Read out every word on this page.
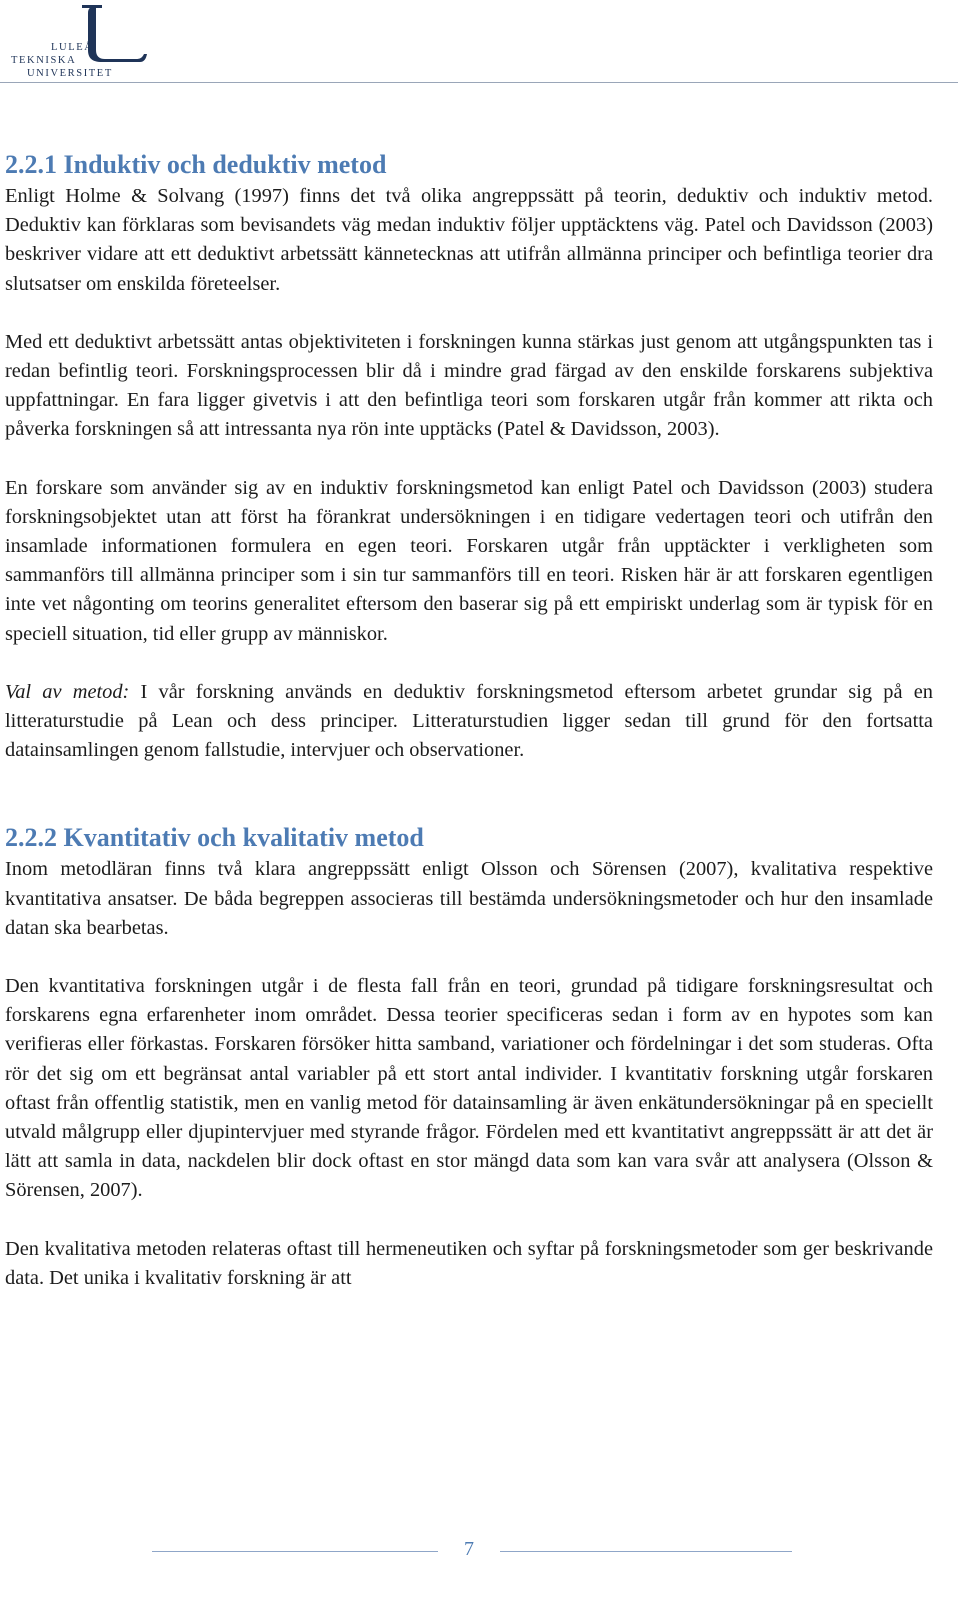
LULEÅ
TEKNISKA
UNIVERSITET
2.2.1 Induktiv och deduktiv metod

Enligt Holme & Solvang (1997) finns det två olika angreppssätt på teorin, deduktiv och induktiv metod. Deduktiv kan förklaras som bevisandets väg medan induktiv följer upptäcktens väg. Patel och Davidsson (2003) beskriver vidare att ett deduktivt arbetssätt kännetecknas att utifrån allmänna principer och befintliga teorier dra slutsatser om enskilda företeelser.

Med ett deduktivt arbetssätt antas objektiviteten i forskningen kunna stärkas just genom att utgångspunkten tas i redan befintlig teori. Forskningsprocessen blir då i mindre grad färgad av den enskilde forskarens subjektiva uppfattningar. En fara ligger givetvis i att den befintliga teori som forskaren utgår från kommer att rikta och påverka forskningen så att intressanta nya rön inte upptäcks (Patel & Davidsson, 2003).

En forskare som använder sig av en induktiv forskningsmetod kan enligt Patel och Davidsson (2003) studera forskningsobjektet utan att först ha förankrat undersökningen i en tidigare vedertagen teori och utifrån den insamlade informationen formulera en egen teori. Forskaren utgår från upptäckter i verkligheten som sammanförs till allmänna principer som i sin tur sammanförs till en teori. Risken här är att forskaren egentligen inte vet någonting om teorins generalitet eftersom den baserar sig på ett empiriskt underlag som är typisk för en speciell situation, tid eller grupp av människor.

Val av metod: I vår forskning används en deduktiv forskningsmetod eftersom arbetet grundar sig på en litteraturstudie på Lean och dess principer. Litteraturstudien ligger sedan till grund för den fortsatta datainsamlingen genom fallstudie, intervjuer och observationer.

2.2.2 Kvantitativ och kvalitativ metod

Inom metodläran finns två klara angreppssätt enligt Olsson och Sörensen (2007), kvalitativa respektive kvantitativa ansatser. De båda begreppen associeras till bestämda undersökningsmetoder och hur den insamlade datan ska bearbetas.

Den kvantitativa forskningen utgår i de flesta fall från en teori, grundad på tidigare forskningsresultat och forskarens egna erfarenheter inom området. Dessa teorier specificeras sedan i form av en hypotes som kan verifieras eller förkastas. Forskaren försöker hitta samband, variationer och fördelningar i det som studeras. Ofta rör det sig om ett begränsat antal variabler på ett stort antal individer. I kvantitativ forskning utgår forskaren oftast från offentlig statistik, men en vanlig metod för datainsamling är även enkätundersökningar på en speciellt utvald målgrupp eller djupintervjuer med styrande frågor. Fördelen med ett kvantitativt angreppssätt är att det är lätt att samla in data, nackdelen blir dock oftast en stor mängd data som kan vara svår att analysera (Olsson & Sörensen, 2007).

Den kvalitativa metoden relateras oftast till hermeneutiken och syftar på forskningsmetoder som ger beskrivande data. Det unika i kvalitativ forskning är att

7
